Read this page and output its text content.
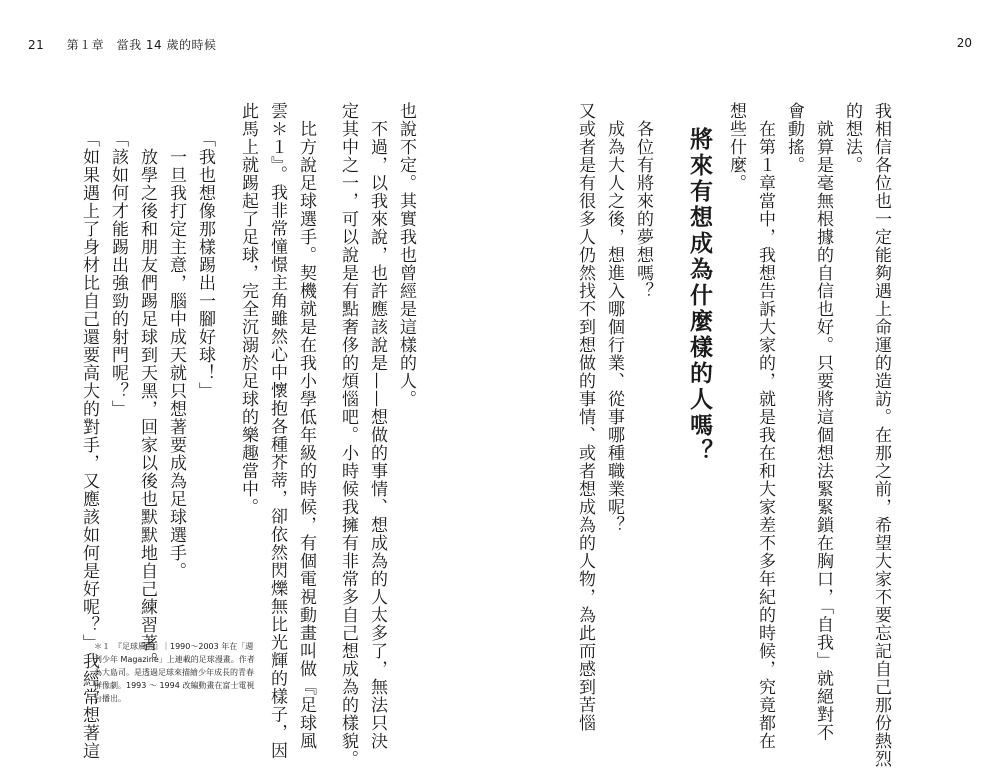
21 第１章　當我 14 歲的時候	20
我相信各位也一定能夠遇上命運的造訪。在那之前，希望大家不要忘記自己那份熱烈
的想法。
　就算是毫無根據的自信也好。只要將這個想法緊緊鎖在胸口，「自我」就絕對不
會動搖。
　在第１章當中，我想告訴大家的，就是我在和大家差不多年紀的時候，究竟都在
想些什麼。
將來有想成為什麼樣的人嗎？
　各位有將來的夢想嗎？
　成為大人之後，想進入哪個行業、從事哪種職業呢？
又或者是有很多人仍然找不到想做的事情、或者想成為的人物，為此而感到苦惱
也說不定。其實我也曾經是這樣的人。
　不過，以我來說，也許應該說是——想做的事情、想成為的人太多了，無法只決
定其中之一，可以說是有點奢侈的煩惱吧。小時候我擁有非常多自己想成為的樣貌。
　比方說足球選手。契機就是在我小學低年級的時候，有個電視動畫叫做『足球風
雲＊１』。我非常憧憬主角雖然心中懷抱各種芥蒂，卻依然閃爍無比光輝的樣子，因
此馬上就踢起了足球，完全沉溺於足球的樂趣當中。
「我也想像那樣踢出一腳好球！」
　一旦我打定主意，腦中成天就只想著要成為足球選手。
　放學之後和朋友們踢足球到天黑，回家以後也默默地自己練習著。
「該如何才能踢出強勁的射門呢？」
「如果遇上了身材比自己還要高大的對手，又應該如何是好呢？」我經常想著這
＊１　『足球風雲』｜1990～2003 年在「週
刊少年 Magazine」上連載的足球漫畫。作者
為大島司。是透過足球來描繪少年成長的青春
群像劇。1993 ～ 1994 改編動畫在富士電視
台播出。
